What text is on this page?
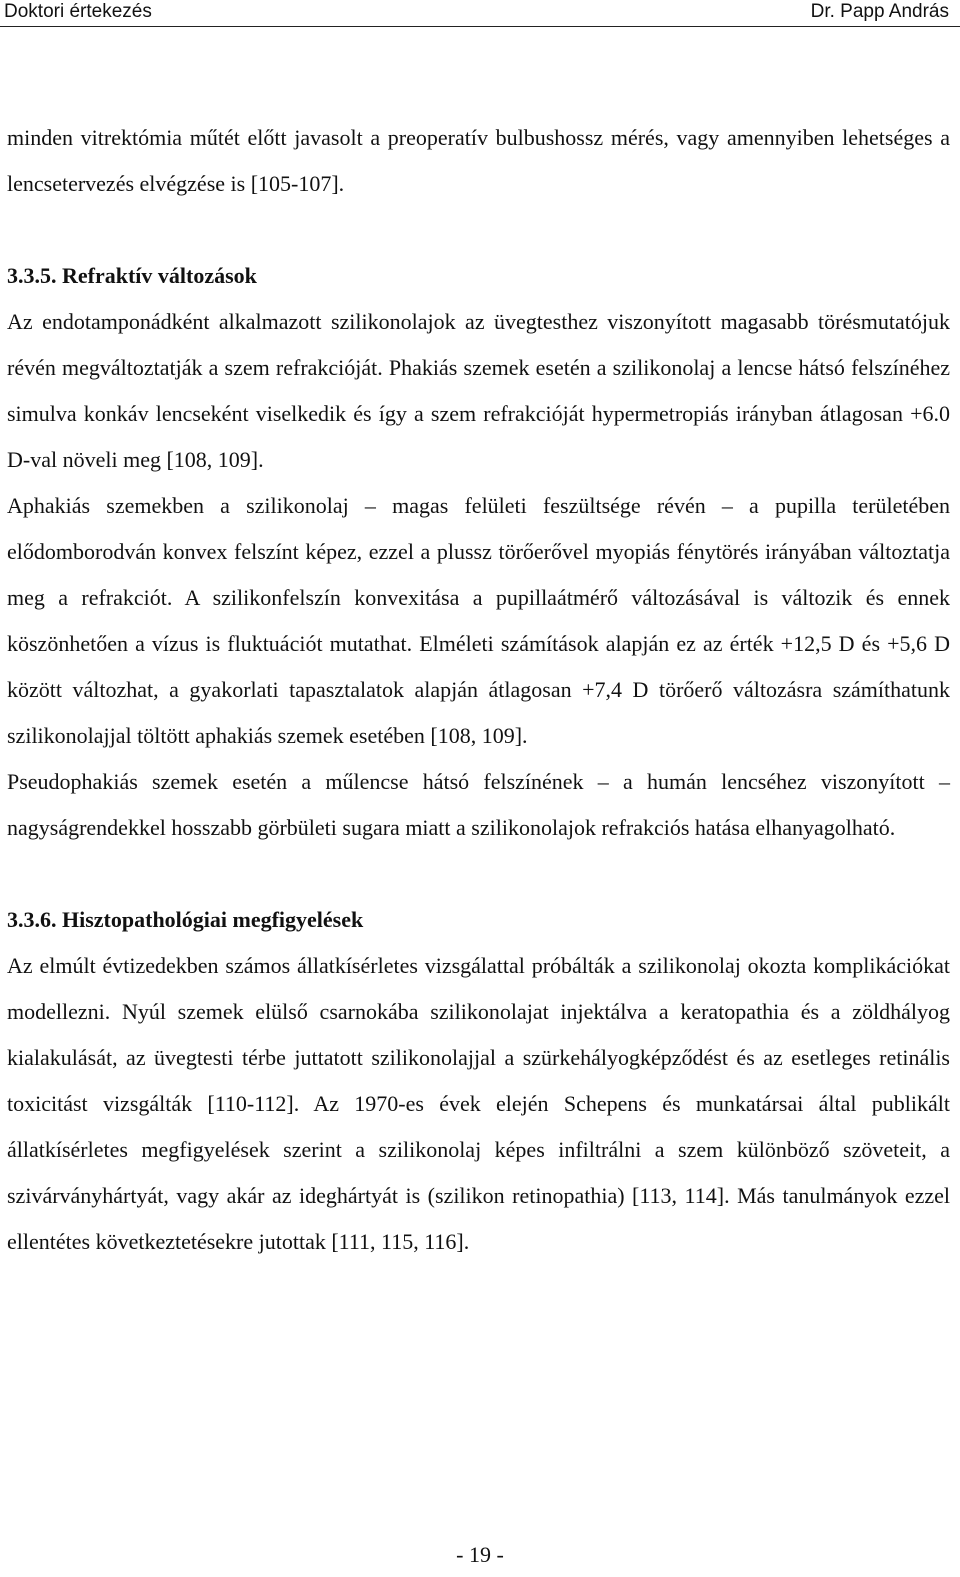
Doktori értekezés	Dr. Papp András

minden vitrektómia műtét előtt javasolt a preoperatív bulbushossz mérés, vagy amennyiben lehetséges a lencsetervezés elvégzése is [105-107].

3.3.5. Refraktív változások

Az endotamponádként alkalmazott szilikonolajok az üvegtesthez viszonyított magasabb törésmutatójuk révén megváltoztatják a szem refrakcióját. Phakiás szemek esetén a szilikonolaj a lencse hátsó felszínéhez simulva konkáv lencseként viselkedik és így a szem refrakcióját hypermetropiás irányban átlagosan +6.0 D-val növeli meg [108, 109].

Aphakiás szemekben a szilikonolaj – magas felületi feszültsége révén – a pupilla területében elődomborodván konvex felszínt képez, ezzel a plussz törőerővel myopiás fénytörés irányában változtatja meg a refrakciót. A szilikonfelszín konvexitása a pupillaátmérő változásával is változik és ennek köszönhetően a vízus is fluktuációt mutathat. Elméleti számítások alapján ez az érték +12,5 D és +5,6 D között változhat, a gyakorlati tapasztalatok alapján átlagosan +7,4 D törőerő változásra számíthatunk szilikonolajjal töltött aphakiás szemek esetében [108, 109].

Pseudophakiás szemek esetén a műlencse hátsó felszínének – a humán lencséhez viszonyított – nagyságrendekkel hosszabb görbületi sugara miatt a szilikonolajok refrakciós hatása elhanyagolható.

3.3.6. Hisztopathológiai megfigyelések

Az elmúlt évtizedekben számos állatkísérletes vizsgálattal próbálták a szilikonolaj okozta komplikációkat modellezni. Nyúl szemek elülső csarnokába szilikonolajat injektálva a keratopathia és a zöldhályog kialakulását, az üvegtesti térbe juttatott szilikonolajjal a szürkehályogképződést és az esetleges retinális toxicitást vizsgálták [110-112]. Az 1970-es évek elején Schepens és munkatársai által publikált állatkísérletes megfigyelések szerint a szilikonolaj képes infiltrálni a szem különböző szöveteit, a szivárványhártyát, vagy akár az ideghártyát is (szilikon retinopathia) [113, 114]. Más tanulmányok ezzel ellentétes következtetésekre jutottak [111, 115, 116].

- 19 -
